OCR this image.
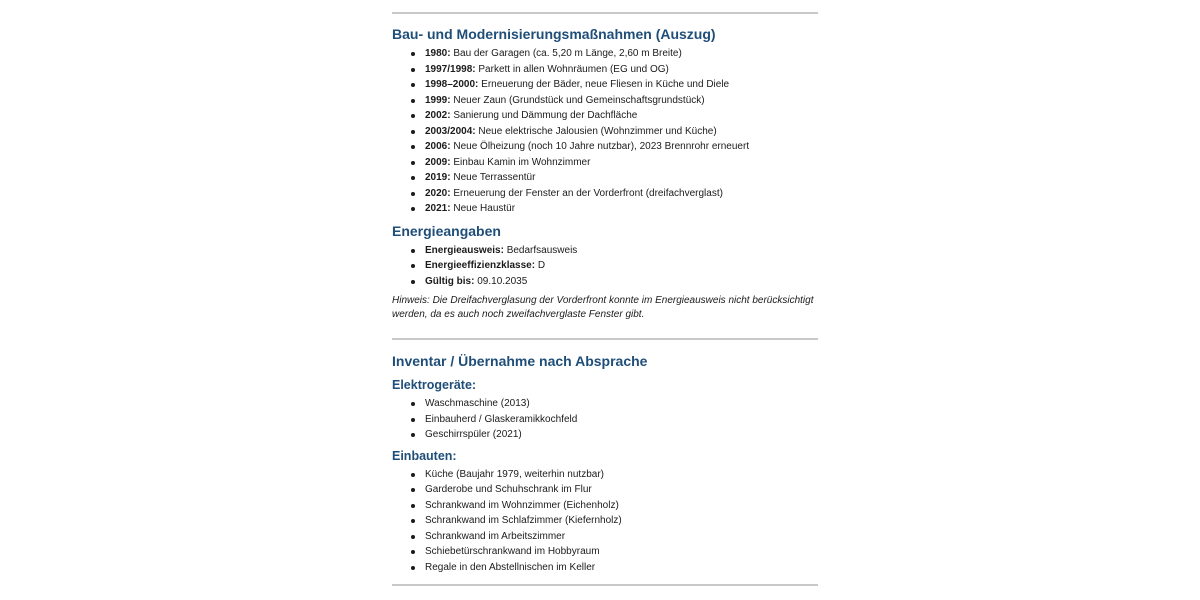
Bau- und Modernisierungsmaßnahmen (Auszug)
1980: Bau der Garagen (ca. 5,20 m Länge, 2,60 m Breite)
1997/1998: Parkett in allen Wohnräumen (EG und OG)
1998–2000: Erneuerung der Bäder, neue Fliesen in Küche und Diele
1999: Neuer Zaun (Grundstück und Gemeinschaftsgrundstück)
2002: Sanierung und Dämmung der Dachfläche
2003/2004: Neue elektrische Jalousien (Wohnzimmer und Küche)
2006: Neue Ölheizung (noch 10 Jahre nutzbar), 2023 Brennrohr erneuert
2009: Einbau Kamin im Wohnzimmer
2019: Neue Terrassentür
2020: Erneuerung der Fenster an der Vorderfront (dreifachverglast)
2021: Neue Haustür
Energieangaben
Energieausweis: Bedarfsausweis
Energieeffizienzklasse: D
Gültig bis: 09.10.2035

Hinweis: Die Dreifachverglasung der Vorderfront konnte im Energieausweis nicht berücksichtigt werden, da es auch noch zweifachverglaste Fenster gibt.

Inventar / Übernahme nach Absprache
Elektrogeräte:
Waschmaschine (2013)
Einbauherd / Glaskeramikkochfeld
Geschirrspüler (2021)
Einbauten:
Küche (Baujahr 1979, weiterhin nutzbar)
Garderobe und Schuhschrank im Flur
Schrankwand im Wohnzimmer (Eichenholz)
Schrankwand im Schlafzimmer (Kiefernholz)
Schrankwand im Arbeitszimmer
Schiebetürschrankwand im Hobbyraum
Regale in den Abstellnischen im Keller
